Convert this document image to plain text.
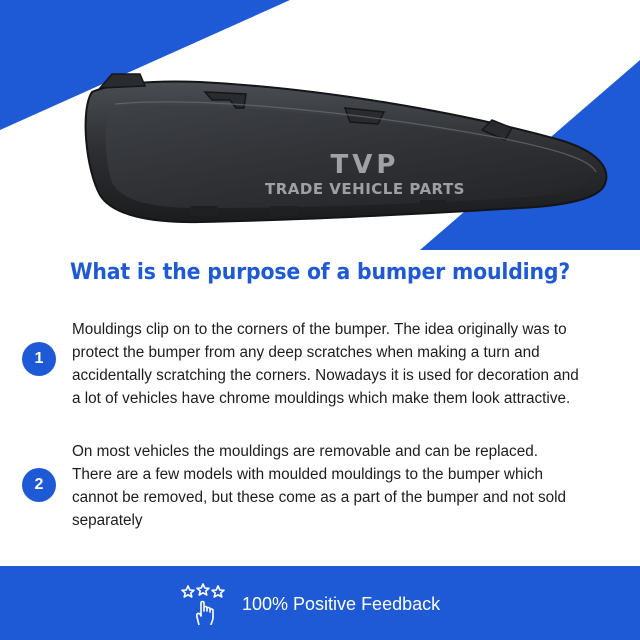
TVP
TRADE VEHICLE PARTS
What is the purpose of a bumper moulding?
1
Mouldings clip on to the corners of the bumper. The idea originally was to
protect the bumper from any deep scratches when making a turn and
accidentally scratching the corners. Nowadays it is used for decoration and
a lot of vehicles have chrome mouldings which make them look attractive.
2
On most vehicles the mouldings are removable and can be replaced.
There are a few models with moulded mouldings to the bumper which
cannot be removed, but these come as a part of the bumper and not sold
separately
100% Positive Feedback
